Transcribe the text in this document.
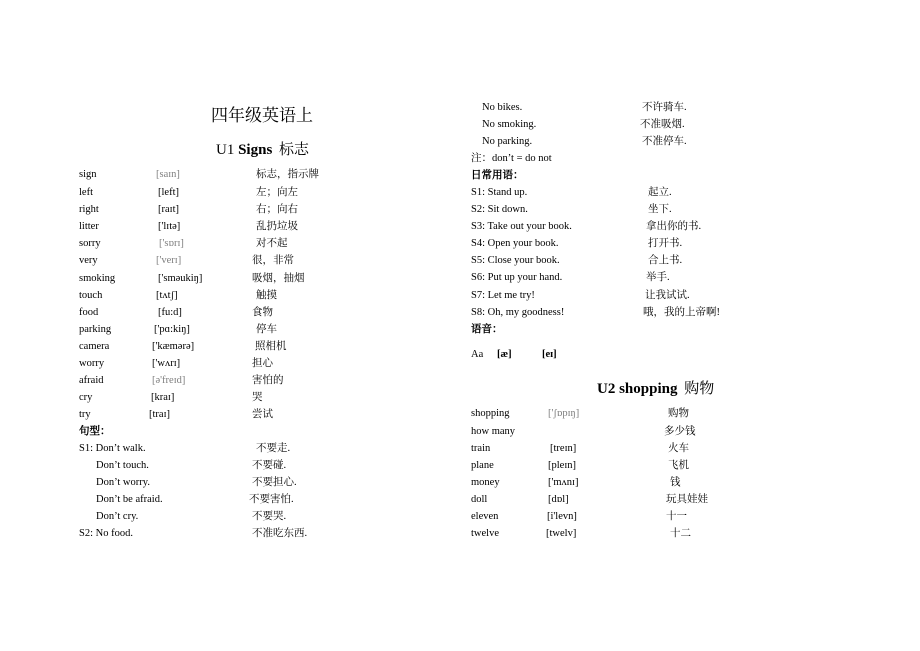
四年级英语上
U1 Signs 标志
sign	[saɪn]	标志，指示牌
left	[left]	左；向左
right	[raɪt]	右；向右
litter	['lɪtə]	乱扔垃圾
sorry	['sɒrɪ]	对不起
very	['verɪ]	很，非常
smoking	['sməukiŋ]	吸烟，抽烟
touch	[tʌtʃ]	触摸
food	[fu:d]	食物
parking	['pɑ:kiŋ]	停车
camera	['kæmərə]	照相机
worry	['wʌrɪ]	担心
afraid	[ə'freɪd]	害怕的
cry	[kraɪ]	哭
try	[traɪ]	尝试
句型：
S1: Don’t walk.	不要走.
Don’t touch.	不要碰.
Don’t worry.	不要担心.
Don’t be afraid.	不要害怕.
Don’t cry.	不要哭.
S2: No food.	不准吃东西.
No bikes.	不许骑车.
No smoking.	不准吸烟.
No parking.	不准停车.
注：don’t = do not
日常用语：
S1: Stand up.	起立.
S2: Sit down.	坐下.
S3: Take out your book.	拿出你的书.
S4: Open your book.	打开书.
S5: Close your book.	合上书.
S6: Put up your hand.	举手.
S7: Let me try!	让我试试.
S8: Oh, my goodness!	哦，我的上帝啊!
语音：
Aa [æ]	[eɪ]
U2 shopping 购物
shopping	['ʃɒpɪŋ]	购物
how many	多少钱
train	[treɪn]	火车
plane	[pleɪn]	飞机
money	['mʌnɪ]	钱
doll	[dɒl]	玩具娃娃
eleven	[i'levn]	十一
twelve	[twelv]	十二
